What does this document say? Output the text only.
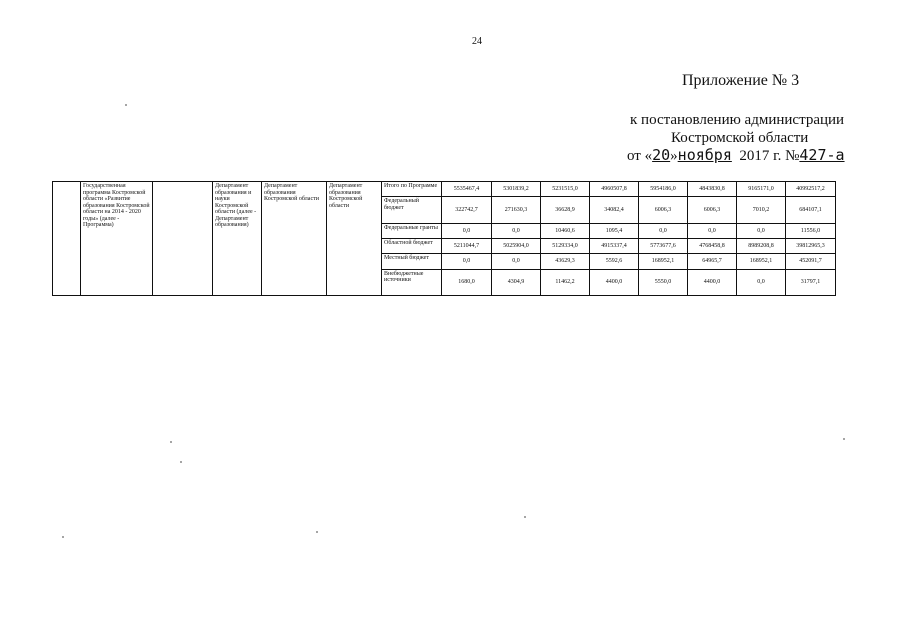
24
Приложение № 3
к постановлению администрации
Костромской области
от «20»ноября 2017 г. №427-а
	Государственная программа Костромской области «Развитие образования Костромской области на 2014 - 2020 годы» (далее - Программа)		Департамент образования и науки Костромской области (далее - Департамент образования)	Департамент образования Костромской области	Департамент образования Костромской области	Итого по Программе	5535467,4	5301839,2	5231515,0	4960507,8	5954186,0	4843830,8	9165171,0	40992517,2
						Федеральный бюджет	322742,7	271630,3	36628,9	34082,4	6006,3	6006,3	7010,2	684107,1
						Федеральные гранты	0,0	0,0	10460,6	1095,4	0,0	0,0	0,0	11556,0
						Областной бюджет	5211044,7	5025904,0	5129334,0	4915337,4	5773677,6	4768458,8	8989208,8	39812965,3
						Местный бюджет	0,0	0,0	43629,3	5592,6	168952,1	64965,7	168952,1	452091,7
						Внебюджетные источники	1680,0	4304,9	11462,2	4400,0	5550,0	4400,0	0,0	31797,1
